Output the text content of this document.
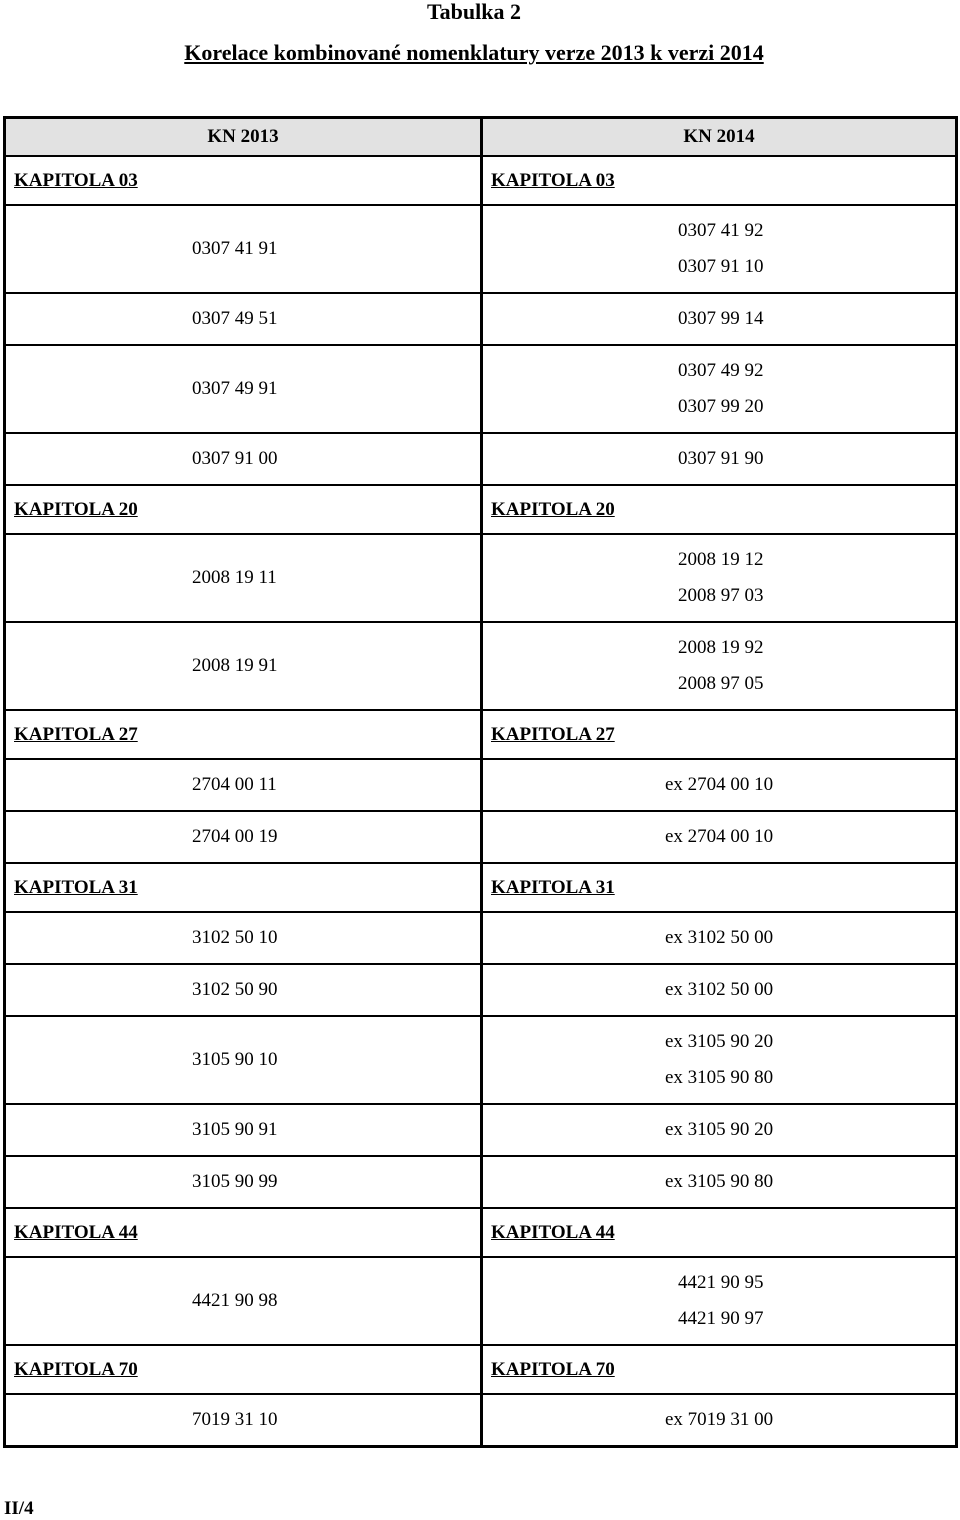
Tabulka 2
Korelace kombinované nomenklatury verze 2013 k verzi 2014
KN 2013	KN 2014
KAPITOLA 03	KAPITOLA 03

0307 41 91	0307 41 92
0307 91 10

0307 49 51	0307 99 14

0307 49 91	0307 49 92
0307 99 20

0307 91 00	0307 91 90

KAPITOLA 20	KAPITOLA 20

2008 19 11	2008 19 12
2008 97 03

2008 19 91	2008 19 92
2008 97 05

KAPITOLA 27	KAPITOLA 27

2704 00 11	ex 2704 00 10

2704 00 19	ex 2704 00 10

KAPITOLA 31	KAPITOLA 31

3102 50 10	ex 3102 50 00

3102 50 90	ex 3102 50 00

3105 90 10	ex 3105 90 20
ex 3105 90 80

3105 90 91	ex 3105 90 20

3105 90 99	ex 3105 90 80

KAPITOLA 44	KAPITOLA 44

4421 90 98	4421 90 95
4421 90 97

KAPITOLA 70	KAPITOLA 70

7019 31 10	ex 7019 31 00
II/4
